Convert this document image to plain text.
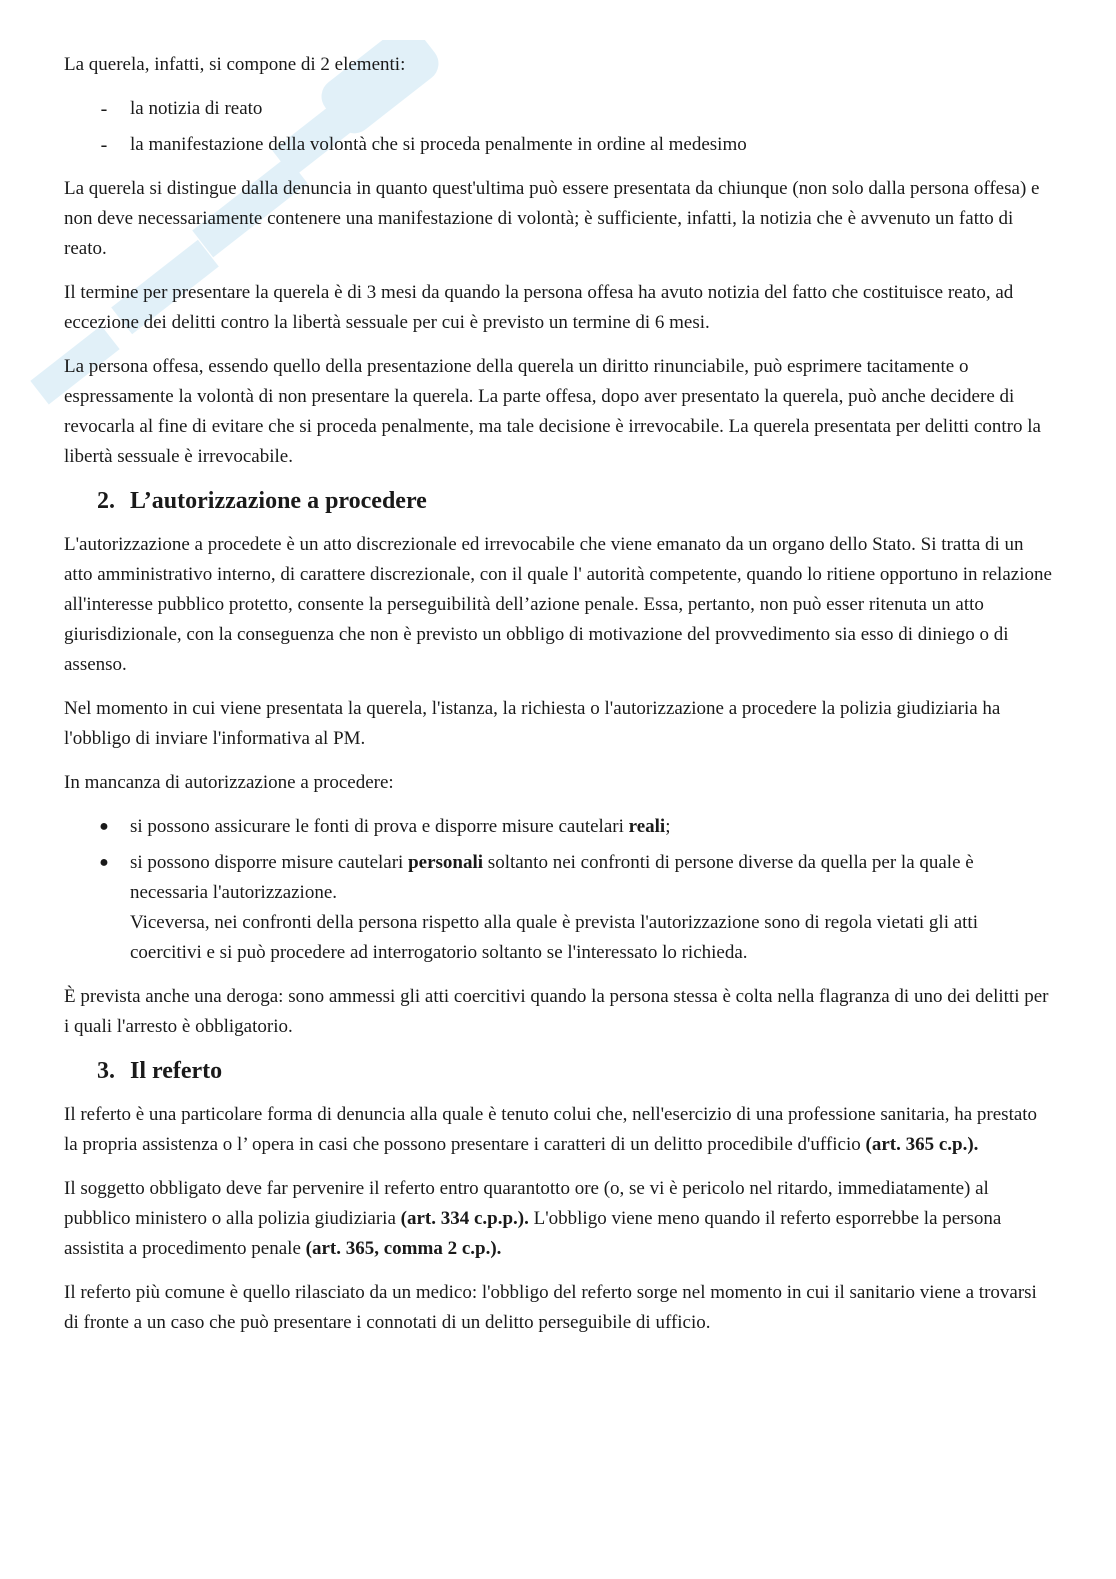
La querela, infatti, si compone di 2 elementi:

-	la notizia di reato
-	la manifestazione della volontà che si proceda penalmente in ordine al medesimo

La querela si distingue dalla denuncia in quanto quest'ultima può essere presentata da chiunque (non solo dalla persona offesa) e non deve necessariamente contenere una manifestazione di volontà; è sufficiente, infatti, la notizia che è avvenuto un fatto di reato.

Il termine per presentare la querela è di 3 mesi da quando la persona offesa ha avuto notizia del fatto che costituisce reato, ad eccezione dei delitti contro la libertà sessuale per cui è previsto un termine di 6 mesi.

La persona offesa, essendo quello della presentazione della querela un diritto rinunciabile, può esprimere tacitamente o espressamente la volontà di non presentare la querela. La parte offesa, dopo aver presentato la querela, può anche decidere di revocarla al fine di evitare che si proceda penalmente, ma tale decisione è irrevocabile. La querela presentata per delitti contro la libertà sessuale è irrevocabile.

2. L’autorizzazione a procedere

L'autorizzazione a procedete è un atto discrezionale ed irrevocabile che viene emanato da un organo dello Stato. Si tratta di un atto amministrativo interno, di carattere discrezionale, con il quale l' autorità competente, quando lo ritiene opportuno in relazione all'interesse pubblico protetto, consente la perseguibilità dell’azione penale. Essa, pertanto, non può esser ritenuta un atto giurisdizionale, con la conseguenza che non è previsto un obbligo di motivazione del provvedimento sia esso di diniego o di assenso.

Nel momento in cui viene presentata la querela, l'istanza, la richiesta o l'autorizzazione a procedere la polizia giudiziaria ha l'obbligo di inviare l'informativa al PM.

In mancanza di autorizzazione a procedere:

● si possono assicurare le fonti di prova e disporre misure cautelari reali;
● si possono disporre misure cautelari personali soltanto nei confronti di persone diverse da quella per la quale è necessaria l'autorizzazione.
Viceversa, nei confronti della persona rispetto alla quale è prevista l'autorizzazione sono di regola vietati gli atti coercitivi e si può procedere ad interrogatorio soltanto se l'interessato lo richieda.

È prevista anche una deroga: sono ammessi gli atti coercitivi quando la persona stessa è colta nella flagranza di uno dei delitti per i quali l'arresto è obbligatorio.

3. Il referto

Il referto è una particolare forma di denuncia alla quale è tenuto colui che, nell'esercizio di una professione sanitaria, ha prestato la propria assistenza o l’ opera in casi che possono presentare i caratteri di un delitto procedibile d'ufficio (art. 365 c.p.).

Il soggetto obbligato deve far pervenire il referto entro quarantotto ore (o, se vi è pericolo nel ritardo, immediatamente) al pubblico ministero o alla polizia giudiziaria (art. 334 c.p.p.). L'obbligo viene meno quando il referto esporrebbe la persona assistita a procedimento penale (art. 365, comma 2 c.p.).

Il referto più comune è quello rilasciato da un medico: l'obbligo del referto sorge nel momento in cui il sanitario viene a trovarsi di fronte a un caso che può presentare i connotati di un delitto perseguibile di ufficio.
